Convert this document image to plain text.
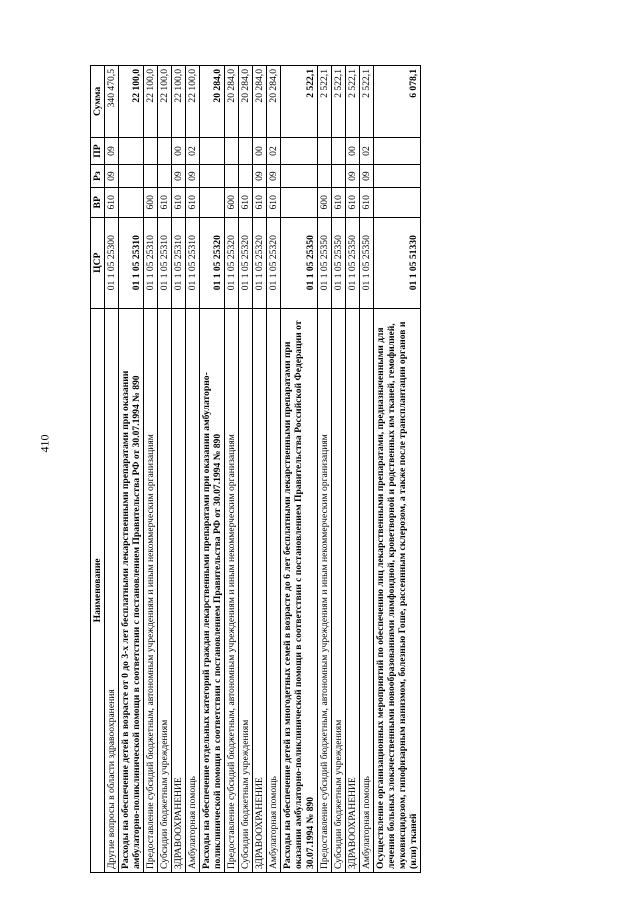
410
Наименование	ЦСР	ВР	Рз	ПР	Сумма
Другие вопросы в области здравоохранения	01 1 05 25300	610	09	09	340 470,5
Расходы на обеспечение детей в возрасте от 0 до 3-х лет бесплатными лекарственными препаратами при оказании амбулаторно-поликлинической помощи в соответствии с постановлением Правительства РФ от 30.07.1994 № 890	01 1 05 25310				22 100,0
Предоставление субсидий бюджетным, автономным учреждениям и иным некоммерческим организациям	01 1 05 25310	600			22 100,0
Субсидии бюджетным учреждениям	01 1 05 25310	610			22 100,0
ЗДРАВООХРАНЕНИЕ	01 1 05 25310	610	09	00	22 100,0
Амбулаторная помощь	01 1 05 25310	610	09	02	22 100,0
Расходы на обеспечение отдельных категорий граждан лекарственными препаратами при оказании амбулаторно-поликлинической помощи в соответствии с постановлением Правительства РФ от 30.07.1994 № 890	01 1 05 25320				20 284,0
Предоставление субсидий бюджетным, автономным учреждениям и иным некоммерческим организациям	01 1 05 25320	600			20 284,0
Субсидии бюджетным учреждениям	01 1 05 25320	610			20 284,0
ЗДРАВООХРАНЕНИЕ	01 1 05 25320	610	09	00	20 284,0
Амбулаторная помощь	01 1 05 25320	610	09	02	20 284,0
Расходы на обеспечение детей из многодетных семей в возрасте до 6 лет бесплатными лекарственными препаратами при оказании амбулаторно-поликлинической помощи в соответствии с постановлением Правительства Российской Федерации от 30.07.1994 № 890	01 1 05 25350				2 522,1
Предоставление субсидий бюджетным, автономным учреждениям и иным некоммерческим организациям	01 1 05 25350	600			2 522,1
Субсидии бюджетным учреждениям	01 1 05 25350	610			2 522,1
ЗДРАВООХРАНЕНИЕ	01 1 05 25350	610	09	00	2 522,1
Амбулаторная помощь	01 1 05 25350	610	09	02	2 522,1
Осуществление организационных мероприятий по обеспечению лиц лекарственными препаратами, предназначенными для лечения больных злокачественными новообразованиями лимфоидной, кроветворной и родственных им тканей, гемофилией, муковисцидозом, гипофизарным нанизмом, болезнью Гоше, рассеянным склерозом, а также после трансплантации органов и (или) тканей	01 1 05 51330				6 078,1
